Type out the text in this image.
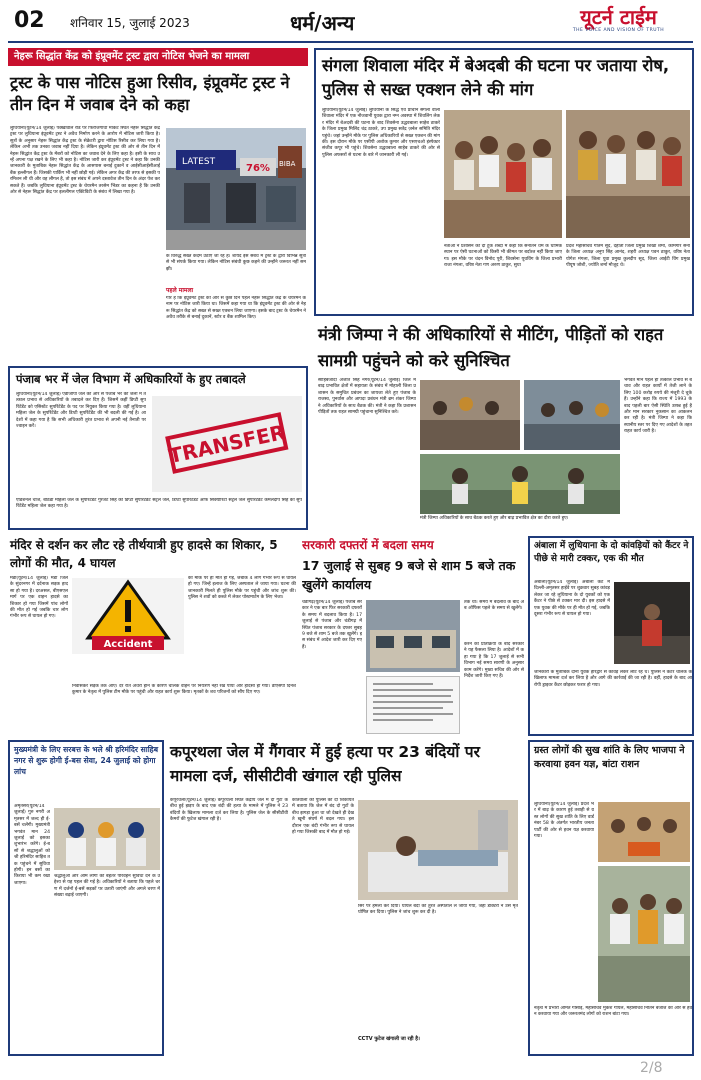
02 शनिवार 15, जुलाई 2023	धर्म/अन्य	यूटर्न टाईम
THE VOICE AND VISION OF TRUTH
नेहरू सिद्धांत केंद्र को इंप्रूवमेंट ट्रस्ट द्वारा नोटिस भेजने का मामला
ट्रस्ट के पास नोटिस हुआ रिसीव, इंप्रूवमेंट ट्रस्ट ने तीन दिन में जवाब देने को कहा
लुधियाना(यूटर्न/14 जुलाई) पक्खोवाल रोड पर फिरोजगांधी मार्केट स्थित नेहरू सिद्धांत केंद्र ट्रस्ट पर लुधियाना इंप्रूवमेंट ट्रस्ट ने अवैध निर्माण करने के आरोप में नोटिस जारी किया है। सूत्रों के अनुसार नेहरू सिद्धांत केंद्र ट्रस्ट के सेक्रेटरी द्वारा नोटिस रिसीव कर लिया गया है। लेकिन अभी तक उनका जवाब नहीं दिया है। लेकिन इंप्रूवमेंट ट्रस्ट की ओर से तीन दिन में नेहरू सिद्धांत केंद्र ट्रस्ट के मेंबरों को नोटिस का जवाब देने के लिए कहा है। इसी के साथ उन्हें अपना पक्ष रखने के लिए भी कहा है। नोटिस जारी कर इंप्रूवमेंट ट्रस्ट ने कहा कि उनकी जानकारी के मुताबिक नेहरू सिद्धांत केंद्र के आसपास बनाई दुकानें व आईसीआईसीआई बैंक इल्लीगल हैं। जिसकी पार्किंग भी नहीं छोड़ी गई। लेकिन अगर केंद्र की तरफ से इसकी परमिशन ली थी और वह लीगल है, तो इस संबंध में अपने दस्तावेज तीन दिन के अंदर पेश कर सकते हैं। जबकि लुधियाना इंप्रूवमेंट ट्रस्ट के चेयरमैन तरसेम भिंडर का कहना है कि उनकी ओर से नेहरू सिद्धांत केंद्र पर इललीगल एक्टिविटी के संबंध में लिखा गया है।
LATEST
76% BIBA
के विरुद्ध सख्त कदम उठाए जा रहे हैं। शायद इस संबंध में ट्रस्ट के द्वारा विभिन्न सूत्रों से भी संपर्क किया गया। लेकिन नोटिस संबंधी कुछ कहने की उन्होंने जरूरत नहीं समझी।
पहले मामला
गौर है कि इंप्रूवमेंट ट्रस्ट की ओर से कुछ दिन पहले नेहरू सिद्धांत केंद्र के चेयरमैन के नाम पर नोटिस जारी किया था। जिसमें कहा गया था कि इंप्रूवमेंट ट्रस्ट की ओर से नेहरू सिद्धांत केंद्र को सख्त से सख्त एक्शन लिया जाएगा। इसके बाद ट्रस्ट के चेयरमैन ने अवैध तरीके से बनाई दुकानें, स्टोर व बैंक शामिल किए।
संगला शिवाला मंदिर में बेअदबी की घटना पर जताया रोष, पुलिस से सख्त एक्शन लेने की मांग
लुधियाना(यूटर्न/14 जुलाई) लुधियाना के सिद्ध एवं प्राचीन संगला वाला शिवाला मंदिर में एक नौजवानी युवक द्वारा नग्न अवस्था में शिवलिंग लेकर मंदिर में बेअदबी की घटना के बाद शिवसेना उद्धवबाला साहेब ठाकरे के जिला प्रमुख मिलिंद चंद्र ठाकरे, उप प्रमुख सतेंद्र ज़र्नल समिति मंदिर पहुंचे। जहां उन्होंने मौके पर पुलिस अधिकारियों से सख्त एक्शन की मांग की। इस दौरान मौके पर एसीपी अशोक कुमार और एसएचओ इंस्पेक्टर संजीव कपूर भी पहुंचे। शिवसेना उद्धवबाला साहेब ठाकरे की ओर से पुलिस अफसरों से घटना के बारे में जानकारी ली गई।
नेताओं ने प्रशासन को दो टूक शब्दों में कहा कि सनातन धर्म के धार्मिक स्थान पर ऐसी घटनाओं को किसी भी कीमत पर बर्दाश्त नहीं किया जाएगा। इस मौके पर चंदन विनोद पूरी, शिवसेना यूथविंग के जिला प्रभारी राजा नंगला, वरिष्ठ नेता गण अरुण ठाकुर, सुधा
प्रदेश महासचिव गौतम सूद, देहाती जिला प्रमुख शिखा शर्मा, कामगार सेना के जिला अध्यक्ष अनुप सिंह आनंद, शहरी अध्यक्ष पवन ठाकुर, वरिष्ठ नेता योगेश मंगला, जिला युवा प्रमुख कुलदीप सूद, जिला आईटी विंग प्रमुख पीयूष जोशी, ज्योति शर्मा मौजूद थे।
मंत्री जिम्पा ने की अधिकारियों से मीटिंग, पीड़ितों को राहत सामग्री पहुंचने को करे सुनिश्चित
साहिबजादा अजीत सिंह नगर(यूटर्न/14 जुलाई) जिले में बाढ़ प्रभावित क्षेत्रों में सहायता के संबंध में मोहाली जिला प्रशासन के समुचित प्रबंधन का जायजा लेते हुए पंजाब के राजस्व, पुनर्वास और आपदा प्रबंधन मंत्री ब्रम शंकर जिम्पा ने अधिकारियों के साथ बैठक की। मंत्री ने कहा कि प्रशासन पीड़ितों तक राहत सामग्री पहुंचाना सुनिश्चित करे।
मंत्री जिम्पा अधिकारियों के साथ बैठक करते हुए और बाढ़ प्रभावित क्षेत्र का दौरा करते हुए।
भगवंत मान पहले ही तत्काल प्रभाव से बचाव और राहत कार्यों में तेजी लाने के लिए 100 करोड़ रुपये की मंजूरी दे चुके हैं। उन्होंने कहा कि राज्य में 1993 के बाद पहली बार ऐसी स्थिति उत्पन्न हुई है और मान सरकार नुकसान का आकलन कर रही है। मंत्री जिम्पा ने कहा कि स्थानीय स्तर पर दिए गए आदेशों के तहत राहत कार्य जारी है।
पंजाब भर में जेल विभाग में अधिकारियों के हुए तबादले
लुधियाना(यूटर्न/14 जुलाई) एडीजीपी जेल की ओर से पंजाब भर की जेलों में तत्काल प्रभाव से अधिकारियों के तबादले कर दिए हैं। जिसमें कहीं डिप्टी सुपरिंटेंडेंट को एसिस्टेंट सुपरिंटेंडेंट के पद पर नियुक्त किया गया है। वहीं लुधियाना महिला जेल के सुपरिंटेंडेंट और डिप्टी सुपरिंटेंडेंट की भी बदली की गई है। आदेशों में कहा गया है कि सभी अधिकारी तुरंत प्रभाव से अपनी नई तैनाती पर ज्वाइन करें।	TRANSFER
एडिशनल चार्ज, बठिंडा महिला जेल के सुपरिंटेंडेंट गुरजंट सिंह को डिप्टी सुपरिंटेंडेंट सेंट्रल जेल, डिप्टी सुपरिंटेंडेंट ऑफ सिक्योरिटी सेंट्रल जेल सुपरिंटेंडेंट कमलदीप सिंह को सुपरिंटेंडेंट महिला जेल कहा गया है।
मंदिर से दर्शन कर लौट रहे तीर्थयात्री हुए हादसे का शिकार, 5 लोगों की मौत, 4 घायल
मंडी(यूटर्न/14 जुलाई) मंडी जिले के सुंदरनगर में दर्दनाक सड़क हादसा हो गया है। दरअसल, बीएसएल मार्ग पर एक वाहन हादसे का शिकार हो गया जिसमें पांच लोगों की मौत हो गई जबकि चार लोग गंभीर रूप से घायल हो गए।
Accident
की मौके पर ही मौत हो गई, जबकि 4 लोग गंभीर रूप से घायल हो गए। जिन्हें इलाज के लिए अस्पताल ले जाया गया। घटना की जानकारी मिलते ही पुलिस मौके पर पहुंची और जांच शुरू की। पुलिस ने शवों को कब्जे में लेकर पोस्टमार्टम के लिए भेजा।
निवासकर सड़क तक आए। देर रात अंधेरा होने के कारण चालक वाहन पर नियंत्रण नहीं रख पाया और हादसा हो गया। डीएसपी दिनेश कुमार के नेतृत्व में पुलिस टीम मौके पर पहुंची और राहत कार्य शुरू किया। मृतकों के शव परिजनों को सौंप दिए गए।
सरकारी दफ्तरों में बदला समय
17 जुलाई से सुबह 9 बजे से शाम 5 बजे तक खुलेंगे कार्यालय
चंडीगढ़(यूटर्न/14 जुलाई) पंजाब सरकार ने एक बार फिर सरकारी दफ्तरों के समय में बदलाव किया है। 17 जुलाई से पंजाब और चंडीगढ़ में स्थित पंजाब सरकार के दफ्तर सुबह 9 बजे से शाम 5 बजे तक खुलेंगे। इस संबंध में आदेश जारी कर दिए गए हैं।
तक था। समय में बदलाव के बाद अब ऑफिस पहले के समय से खुलेंगे।
करने की प्रतिक्रिया के बाद सरकार ने यह फैसला लिया है। आदेशों में कहा गया है कि 17 जुलाई से सभी विभाग नई समय सारणी के अनुसार काम करेंगे। मुख्य सचिव की ओर से निर्देश जारी किए गए हैं।
अंबाला में लुधियाना के दो कांवड़ियों को कैंटर ने पीछे से मारी टक्कर, एक की मौत
अंबाला(यूटर्न/14 जुलाई) अंबाला कैंट में दिल्ली-अमृतसर हाईवे पर शुक्रवार सुबह कांवड़ लेकर जा रहे लुधियाना के दो युवकों को एक कैंटर ने पीछे से टक्कर मार दी। इस हादसे में एक युवक की मौके पर ही मौत हो गई, जबकि दूसरा गंभीर रूप से घायल हो गया।
जानकारी के मुताबिक दोनों युवक हरिद्वार से कांवड़ लेकर लौट रहे थे। पुलिस ने कैंटर चालक के खिलाफ मामला दर्ज कर लिया है और आगे की कार्रवाई की जा रही है। वहीं, हादसे के बाद आरोपी ड्राइवर कैंटर छोड़कर फरार हो गया।
मुख्यमंत्री के लिए सरबत्त के भले श्री हरिमंदिर साहिब नगर से शुरू होगी ई-बस सेवा, 24 जुलाई को होगा लांच
अमृतसर(यूटर्न/14 जुलाई) गुरु नगरी अमृतसर में जल्द ही ई-बसें चलेंगी। मुख्यमंत्री भगवंत मान 24 जुलाई को इसका शुभारंभ करेंगे। ई-बसों से श्रद्धालुओं को श्री हरिमंदिर साहिब तक पहुंचने में सुविधा होगी। इन बसों का किराया भी कम रखा जाएगा।
श्रद्धालुओं और आम लोगों को बेहतर परिवहन सुविधा देने के उद्देश्य से यह पहल की गई है। अधिकारियों ने बताया कि पहले चरण में दर्जनों ई-बसें सड़कों पर उतारी जाएंगी और अगले चरण में संख्या बढ़ाई जाएगी।
कपूरथला जेल में गैंगवार में हुई हत्या पर 23 बंदियों पर मामला दर्ज, सीसीटीवी खंगाल रही पुलिस
कपूरथला(यूटर्न/14 जुलाई) कपूरथला स्थित केंद्रीय जेल में दो गुटों के बीच हुई झड़प के बाद एक बंदी की हत्या के मामले में पुलिस ने 23 बंदियों के खिलाफ मामला दर्ज कर लिया है। पुलिस जेल के सीसीटीवी कैमरों की फुटेज खंगाल रही है।
कोतवाली की पुलिस को दी शिकायत में बताया कि जेल में बंद दो गुटों के बीच झगड़ा हुआ था जो देखते ही देखते खूनी संघर्ष में बदल गया। इस दौरान एक बंदी गंभीर रूप से घायल हो गया जिसकी बाद में मौत हो गई।
सिर पर हमला कर दिया। घायल बंदी को तुरंत अस्पताल ले जाया गया, जहां डॉक्टरों ने उसे मृत घोषित कर दिया। पुलिस ने जांच शुरू कर दी है।
CCTV फुटेज खंगाली जा रही है।
ग्रस्त लोगों की सुख शांति के लिए भाजपा ने करवाया हवन यज्ञ, बांटा राशन
लुधियाना(यूटर्न/14 जुलाई) प्रदेश भर में बाढ़ के कारण हुई तबाही से ग्रस्त लोगों की सुख शांति के लिए वार्ड नंबर 58 के अंतर्गत भारतीय जनता पार्टी की ओर से हवन यज्ञ करवाया गया।
नेतृत्व में प्रभारी अमित गोसाई, महासचिव मुकेश गोयल, महासचिव नितिन बजाज की ओर से हवन करवाया गया और जरूरतमंद लोगों को राशन बांटा गया।
2/8
